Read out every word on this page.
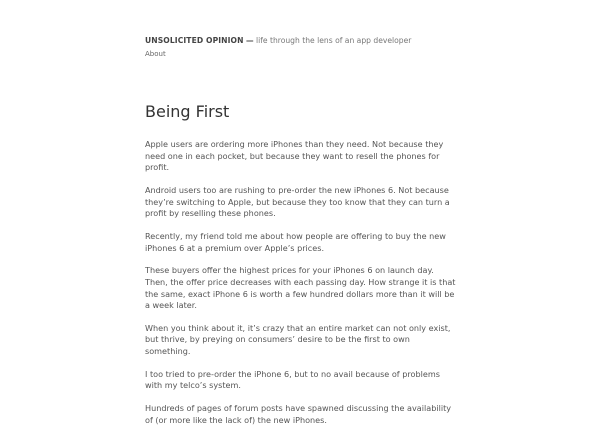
UNSOLICITED OPINION — life through the lens of an app developer
About
Being First

Apple users are ordering more iPhones than they need. Not because they need one in each pocket, but because they want to resell the phones for profit.

Android users too are rushing to pre-order the new iPhones 6. Not because they’re switching to Apple, but because they too know that they can turn a profit by reselling these phones.

Recently, my friend told me about how people are offering to buy the new iPhones 6 at a premium over Apple’s prices.

These buyers offer the highest prices for your iPhones 6 on launch day. Then, the offer price decreases with each passing day. How strange it is that the same, exact iPhone 6 is worth a few hundred dollars more than it will be a week later.

When you think about it, it’s crazy that an entire market can not only exist, but thrive, by preying on consumers’ desire to be the first to own something.

I too tried to pre-order the iPhone 6, but to no avail because of problems with my telco’s system.

Hundreds of pages of forum posts have spawned discussing the availability of (or more like the lack of) the new iPhones.
